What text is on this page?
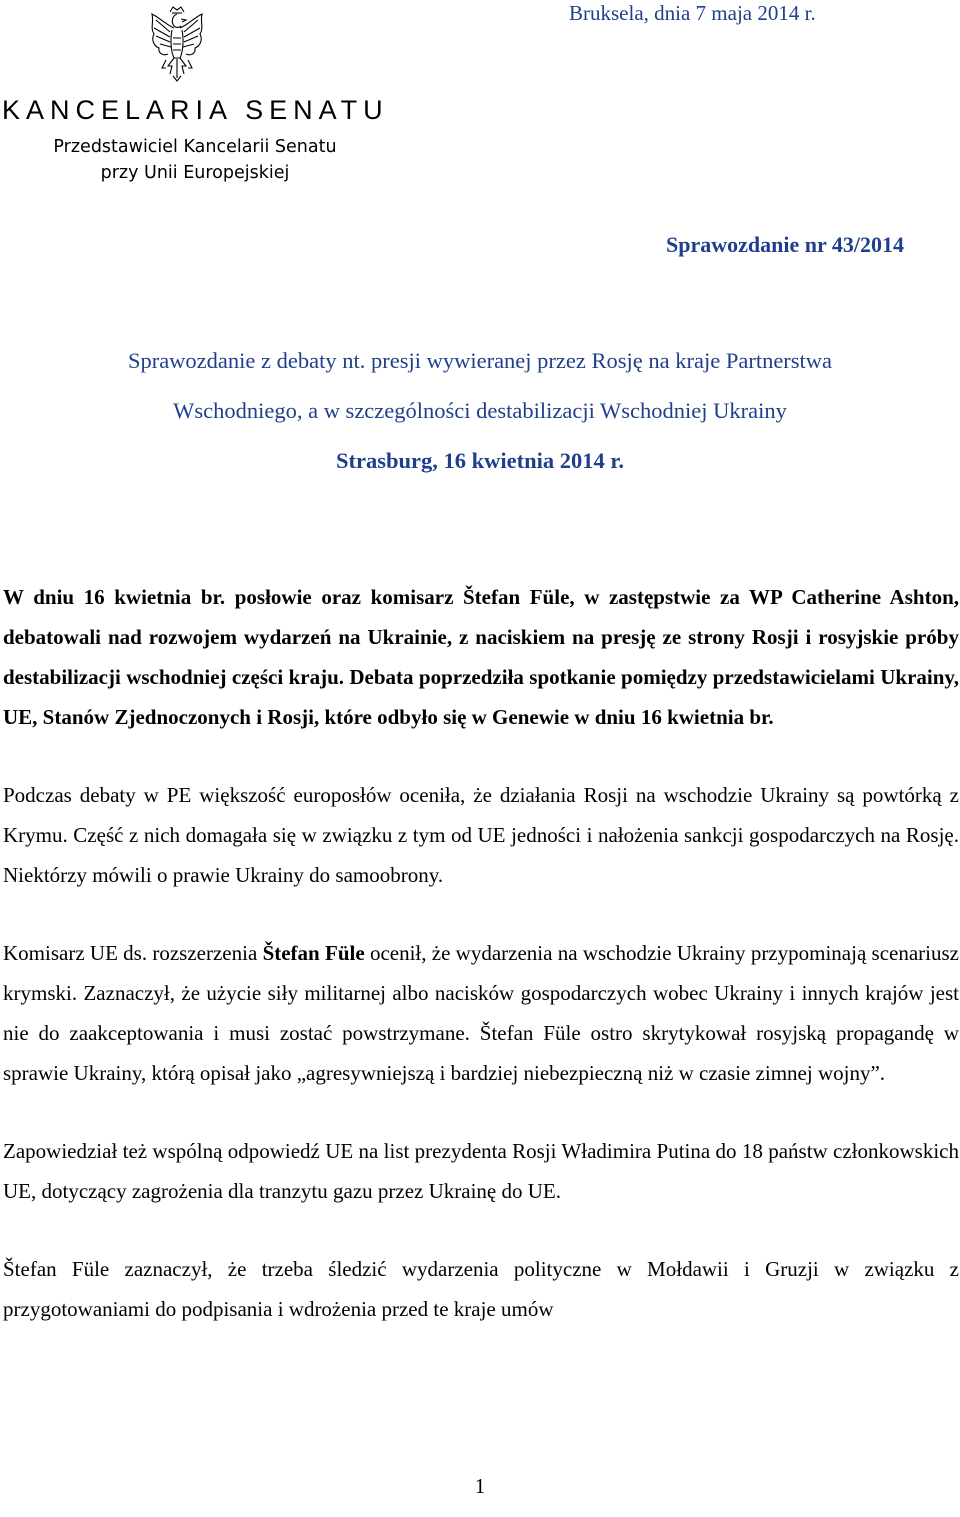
Bruksela, dnia 7 maja 2014 r.
KANCELARIA SENATU
Przedstawiciel Kancelarii Senatu
przy Unii Europejskiej
Sprawozdanie nr 43/2014
Sprawozdanie z debaty nt. presji wywieranej przez Rosję na kraje Partnerstwa
Wschodniego, a w szczególności destabilizacji Wschodniej Ukrainy
Strasburg, 16 kwietnia 2014 r.

W dniu 16 kwietnia br. posłowie oraz komisarz Štefan Füle, w zastępstwie za WP Catherine Ashton, debatowali nad rozwojem wydarzeń na Ukrainie, z naciskiem na presję ze strony Rosji i rosyjskie próby destabilizacji wschodniej części kraju. Debata poprzedziła spotkanie pomiędzy przedstawicielami Ukrainy, UE, Stanów Zjednoczonych i Rosji, które odbyło się w Genewie w dniu 16 kwietnia br.

Podczas debaty w PE większość europosłów oceniła, że działania Rosji na wschodzie Ukrainy są powtórką z Krymu. Część z nich domagała się w związku z tym od UE jedności i nałożenia sankcji gospodarczych na Rosję. Niektórzy mówili o prawie Ukrainy do samoobrony.

Komisarz UE ds. rozszerzenia Štefan Füle ocenił, że wydarzenia na wschodzie Ukrainy przypominają scenariusz krymski. Zaznaczył, że użycie siły militarnej albo nacisków gospodarczych wobec Ukrainy i innych krajów jest nie do zaakceptowania i musi zostać powstrzymane. Štefan Füle ostro skrytykował rosyjską propagandę w sprawie Ukrainy, którą opisał jako „agresywniejszą i bardziej niebezpieczną niż w czasie zimnej wojny”.

Zapowiedział też wspólną odpowiedź UE na list prezydenta Rosji Władimira Putina do 18 państw członkowskich UE, dotyczący zagrożenia dla tranzytu gazu przez Ukrainę do UE.

Štefan Füle zaznaczył, że trzeba śledzić wydarzenia polityczne w Mołdawii i Gruzji w związku z przygotowaniami do podpisania i wdrożenia przed te kraje umów

1
